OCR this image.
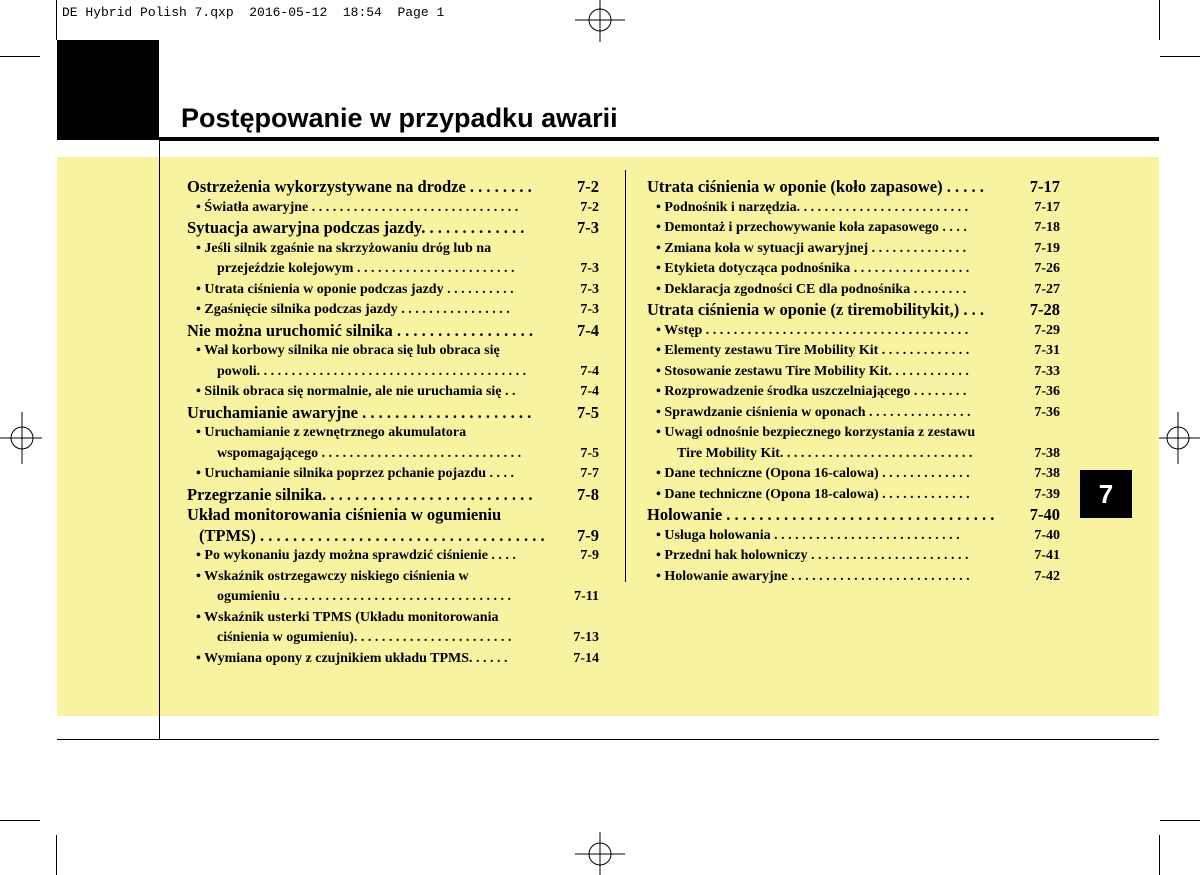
DE Hybrid Polish 7.qxp  2016-05-12  18:54  Page 1
Postępowanie w przypadku awarii
Ostrzeżenia wykorzystywane na drodze . . . . . . . .	7-2
• Światła awaryjne . . . . . . . . . . . . . . . . . . . . . . . . . . . . . .	7-2
Sytuacja awaryjna podczas jazdy. . . . . . . . . . . . .	7-3
• Jeśli silnik zgaśnie na skrzyżowaniu dróg lub na
przejeździe kolejowym . . . . . . . . . . . . . . . . . . . . . . .	7-3
• Utrata ciśnienia w oponie podczas jazdy . . . . . . . . . .	7-3
• Zgaśnięcie silnika podczas jazdy . . . . . . . . . . . . . . . .	7-3
Nie można uruchomić silnika . . . . . . . . . . . . . . . . .	7-4
• Wał korbowy silnika nie obraca się lub obraca się
powoli. . . . . . . . . . . . . . . . . . . . . . . . . . . . . . . . . . . . . . .	7-4
• Silnik obraca się normalnie, ale nie uruchamia się . .	7-4
Uruchamianie awaryjne . . . . . . . . . . . . . . . . . . . . .	7-5
• Uruchamianie z zewnętrznego akumulatora
wspomagającego . . . . . . . . . . . . . . . . . . . . . . . . . . . . .	7-5
• Uruchamianie silnika poprzez pchanie pojazdu . . . .	7-7
Przegrzanie silnika. . . . . . . . . . . . . . . . . . . . . . . . . .	7-8
Układ monitorowania ciśnienia w ogumieniu
(TPMS) . . . . . . . . . . . . . . . . . . . . . . . . . . . . . . . . . . . 7-9
• Po wykonaniu jazdy można sprawdzić ciśnienie . . . .	7-9
• Wskaźnik ostrzegawczy niskiego ciśnienia w
ogumieniu . . . . . . . . . . . . . . . . . . . . . . . . . . . . . . . . .	7-11
• Wskaźnik usterki TPMS (Układu monitorowania
ciśnienia w ogumieniu). . . . . . . . . . . . . . . . . . . . . . .	7-13
• Wymiana opony z czujnikiem układu TPMS. . . . . .	7-14
Utrata ciśnienia w oponie (koło zapasowe) . . . . .	7-17
• Podnośnik i narzędzia. . . . . . . . . . . . . . . . . . . . . . . . .	7-17
• Demontaż i przechowywanie koła zapasowego . . . .	7-18
• Zmiana koła w sytuacji awaryjnej . . . . . . . . . . . . . .	7-19
• Etykieta dotycząca podnośnika . . . . . . . . . . . . . . . . .	7-26
• Deklaracja zgodności CE dla podnośnika . . . . . . . .	7-27
Utrata ciśnienia w oponie (z tiremobilitykit,) . . .	7-28
• Wstęp . . . . . . . . . . . . . . . . . . . . . . . . . . . . . . . . . . . . . .	7-29
• Elementy zestawu Tire Mobility Kit . . . . . . . . . . . . .	7-31
• Stosowanie zestawu Tire Mobility Kit. . . . . . . . . . . .	7-33
• Rozprowadzenie środka uszczelniającego . . . . . . . .	7-36
• Sprawdzanie ciśnienia w oponach . . . . . . . . . . . . . . .	7-36
• Uwagi odnośnie bezpiecznego korzystania z zestawu
Tire Mobility Kit. . . . . . . . . . . . . . . . . . . . . . . . . . . .	7-38
• Dane techniczne (Opona 16-calowa) . . . . . . . . . . . . .	7-38
• Dane techniczne (Opona 18-calowa) . . . . . . . . . . . . .	7-39
Holowanie . . . . . . . . . . . . . . . . . . . . . . . . . . . . . . . . . 7-40
• Usługa holowania . . . . . . . . . . . . . . . . . . . . . . . . . . .	7-40
• Przedni hak holowniczy . . . . . . . . . . . . . . . . . . . . . . .	7-41
• Holowanie awaryjne . . . . . . . . . . . . . . . . . . . . . . . . . .	7-42
7
